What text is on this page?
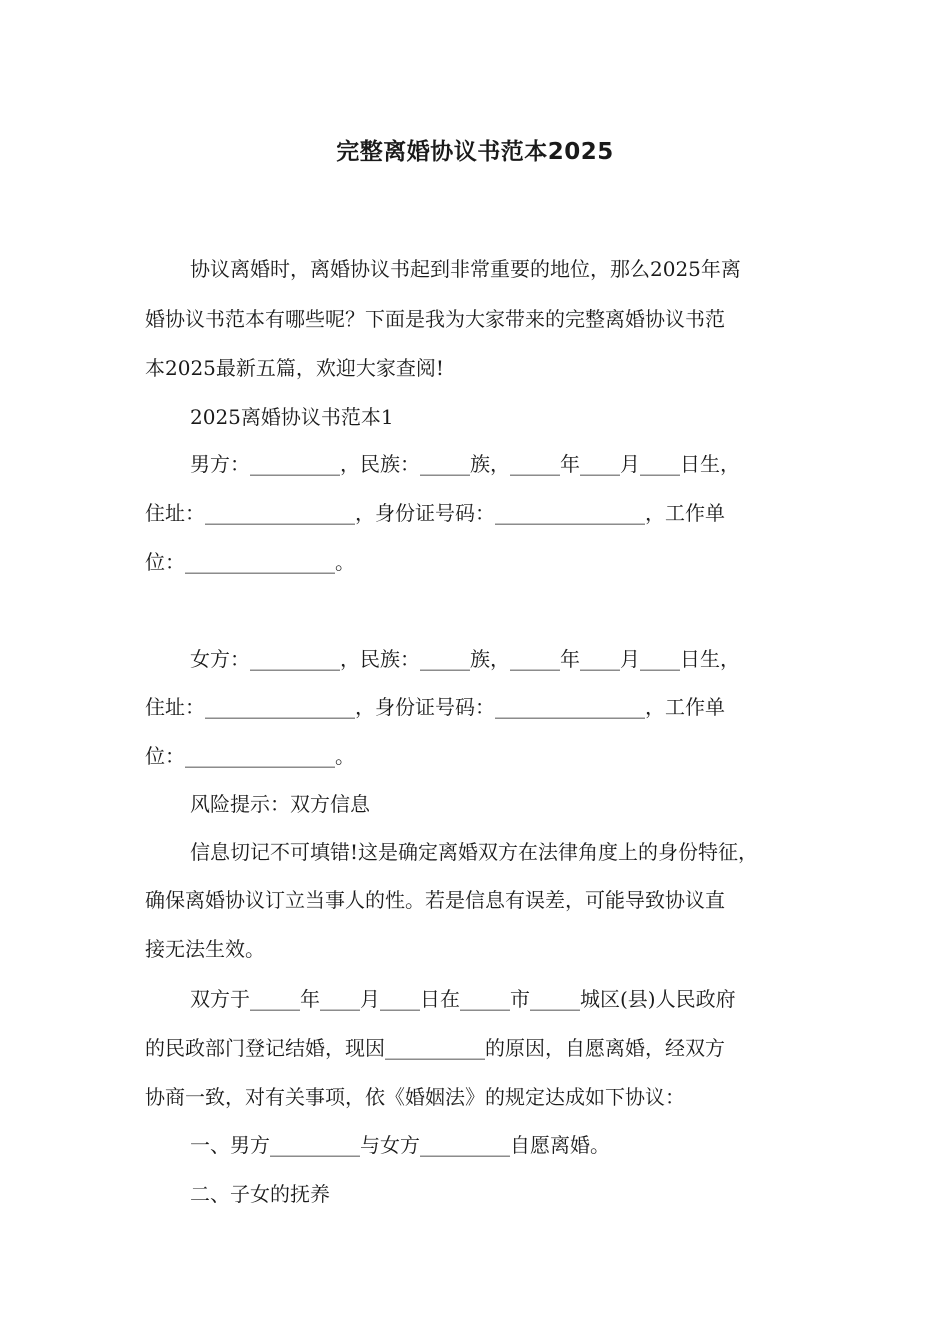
完整离婚协议书范本2025
协议离婚时，离婚协议书起到非常重要的地位，那么2025年离
婚协议书范本有哪些呢？下面是我为大家带来的完整离婚协议书范
本2025最新五篇，欢迎大家查阅!
2025离婚协议书范本1
男方：_________，民族：_____族，_____年____月____日生，
住址：_______________，身份证号码：_______________，工作单
位：_______________。
女方：_________，民族：_____族，_____年____月____日生，
住址：_______________，身份证号码：_______________，工作单
位：_______________。
风险提示：双方信息
信息切记不可填错!这是确定离婚双方在法律角度上的身份特征，
确保离婚协议订立当事人的性。若是信息有误差，可能导致协议直
接无法生效。
双方于_____年____月____日在_____市_____城区(县)人民政府
的民政部门登记结婚，现因__________的原因，自愿离婚，经双方
协商一致，对有关事项，依《婚姻法》的规定达成如下协议：
一、男方_________与女方_________自愿离婚。
二、子女的抚养
